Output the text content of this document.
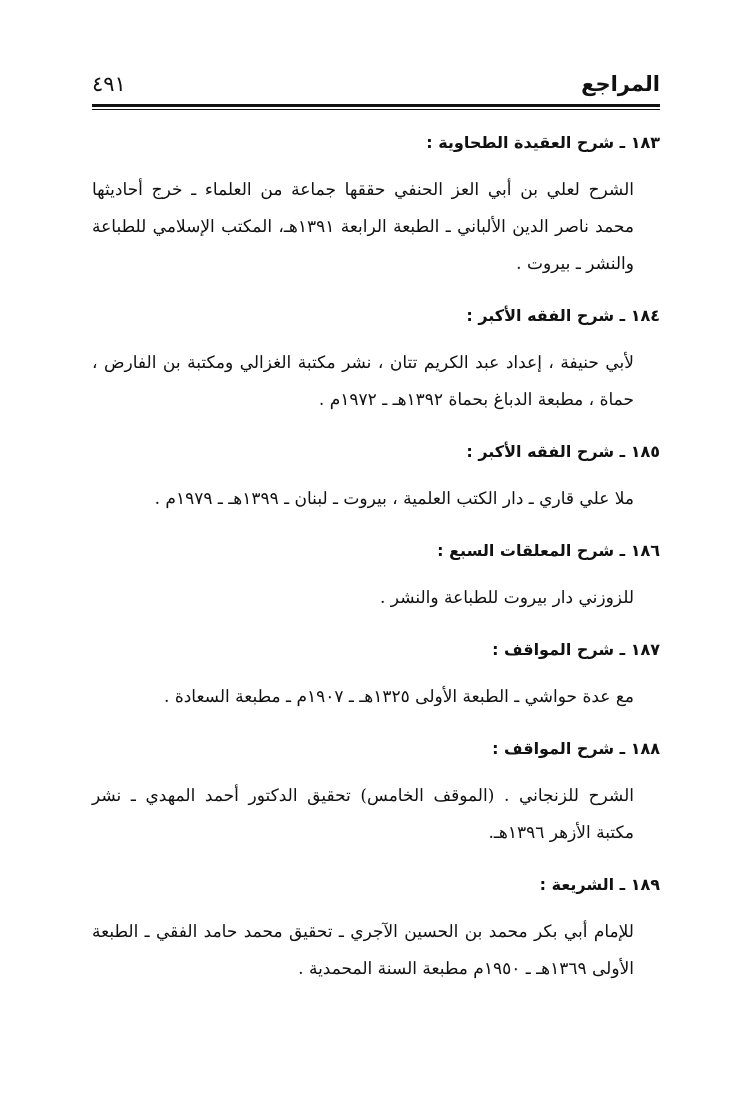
المراجع
٤٩١
١٨٣ ـ شرح العقيدة الطحاوية :
الشرح لعلي بن أبي العز الحنفي حققها جماعة من العلماء ـ خرج أحاديثها محمد ناصر الدين الألباني ـ الطبعة الرابعة ١٣٩١هـ، المكتب الإسلامي للطباعة والنشر ـ بيروت .
١٨٤ ـ شرح الفقه الأكبر :
لأبي حنيفة ، إعداد عبد الكريم تتان ، نشر مكتبة الغزالي ومكتبة بن الفارض ، حماة ، مطبعة الدباغ بحماة ١٣٩٢هـ ـ ١٩٧٢م .
١٨٥ ـ شرح الفقه الأكبر :
ملا علي قاري ـ دار الكتب العلمية ، بيروت ـ لبنان ـ ١٣٩٩هـ ـ ١٩٧٩م .
١٨٦ ـ شرح المعلقات السبع :
للزوزني دار بيروت للطباعة والنشر .
١٨٧ ـ شرح المواقف :
مع عدة حواشي ـ الطبعة الأولى ١٣٢٥هـ ـ ١٩٠٧م ـ مطبعة السعادة .
١٨٨ ـ شرح المواقف :
الشرح للزنجاني . (الموقف الخامس) تحقيق الدكتور أحمد المهدي ـ نشر مكتبة الأزهر ١٣٩٦هـ.
١٨٩ ـ الشريعة :
للإمام أبي بكر محمد بن الحسين الآجري ـ تحقيق محمد حامد الفقي ـ الطبعة الأولى ١٣٦٩هـ ـ ١٩٥٠م مطبعة السنة المحمدية .
